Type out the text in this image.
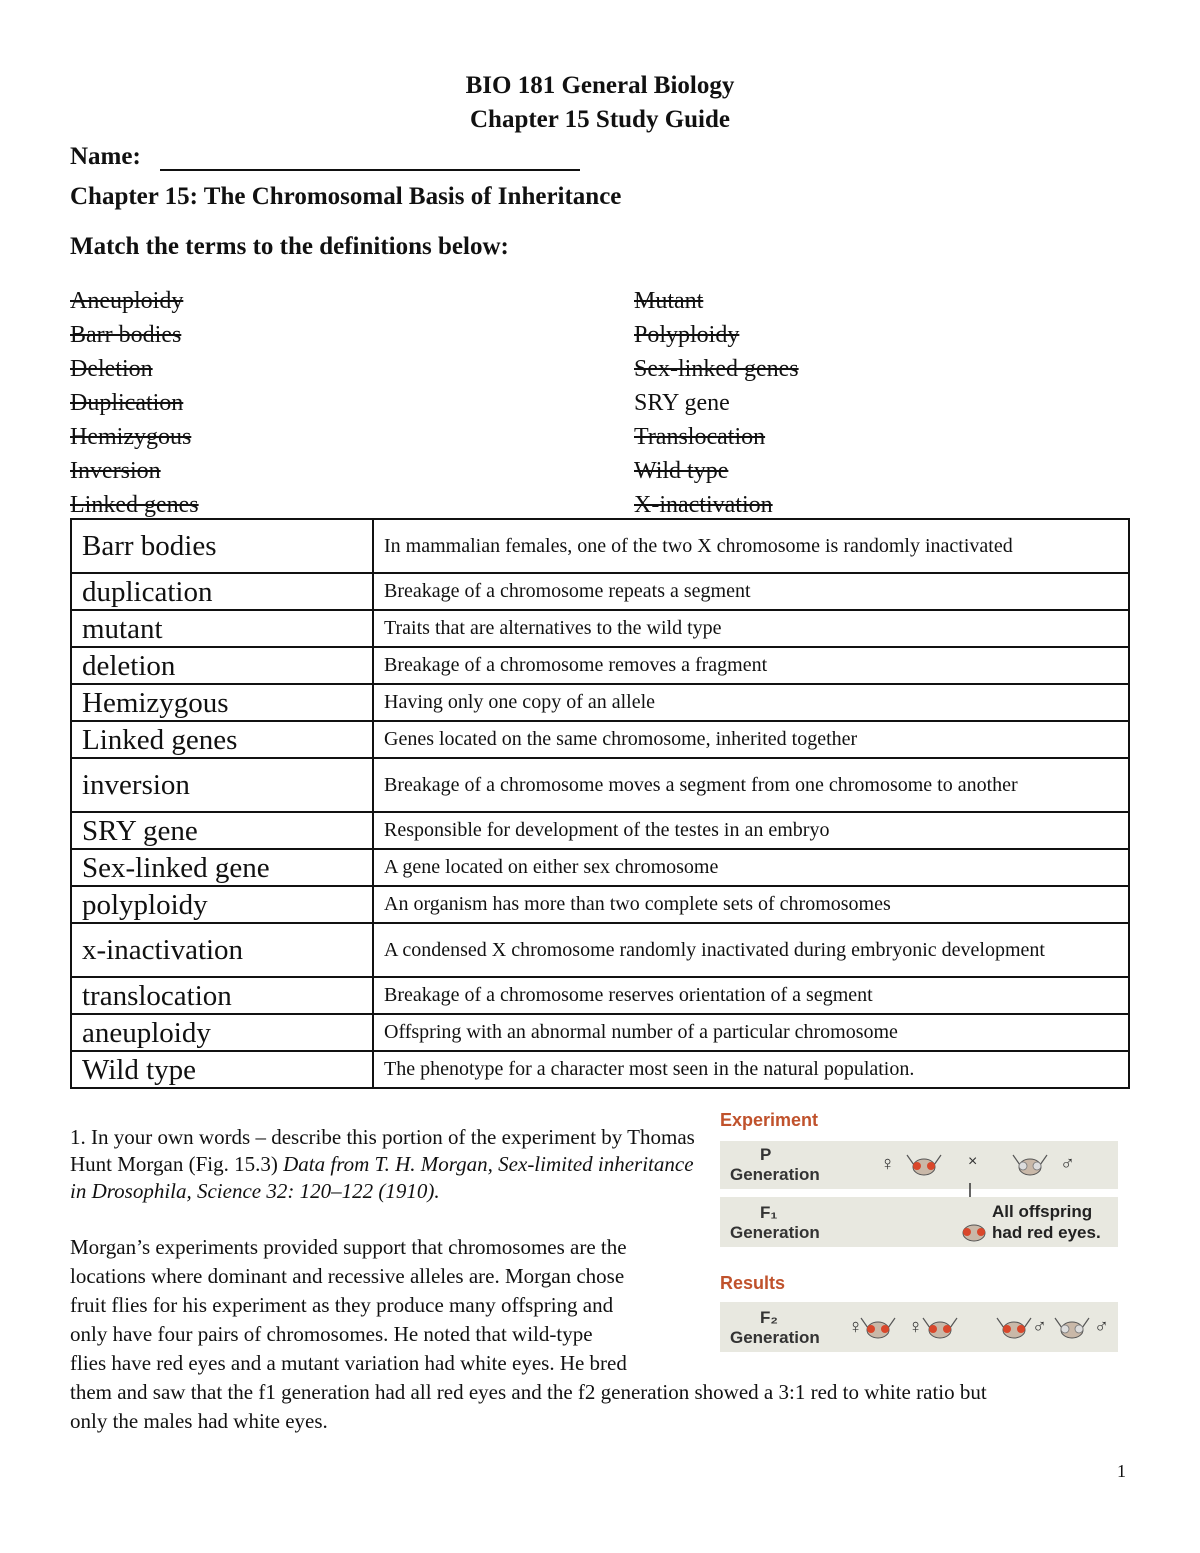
BIO 181 General Biology
Chapter 15 Study Guide
Name:
Chapter 15: The Chromosomal Basis of Inheritance
Match the terms to the definitions below:
Aneuploidy
Barr bodies
Deletion
Duplication
Hemizygous
Inversion
Linked genes
Mutant
Polyploidy
Sex-linked genes
SRY gene
Translocation
Wild type
X-inactivation
Barr bodies	In mammalian females, one of the two X chromosome is randomly inactivated
duplication	Breakage of a chromosome repeats a segment
mutant	Traits that are alternatives to the wild type
deletion	Breakage of a chromosome removes a fragment
Hemizygous	Having only one copy of an allele
Linked genes	Genes located on the same chromosome, inherited together
inversion	Breakage of a chromosome moves a segment from one chromosome to another
SRY gene	Responsible for development of the testes in an embryo
Sex-linked gene	A gene located on either sex chromosome
polyploidy	An organism has more than two complete sets of chromosomes
x-inactivation	A condensed X chromosome randomly inactivated during embryonic development
translocation	Breakage of a chromosome reserves orientation of a segment
aneuploidy	Offspring with an abnormal number of a particular chromosome
Wild type	The phenotype for a character most seen in the natural population.
1. In your own words – describe this portion of the experiment by Thomas Hunt Morgan (Fig. 15.3) Data from T. H. Morgan, Sex-limited inheritance in Drosophila, Science 32: 120–122 (1910).
Morgan’s experiments provided support that chromosomes are the
locations where dominant and recessive alleles are. Morgan chose
fruit flies for his experiment as they produce many offspring and
only have four pairs of chromosomes. He noted that wild-type
flies have red eyes and a mutant variation had white eyes. He bred
them and saw that the f1 generation had all red eyes and the f2 generation showed a 3:1 red to white ratio but
only the males had white eyes.
Experiment
P
Generation	♀	×	♂
F₁
Generation
All offspring
had red eyes.
Results
F₂
Generation ♀ ♀	♂ ♂
1
